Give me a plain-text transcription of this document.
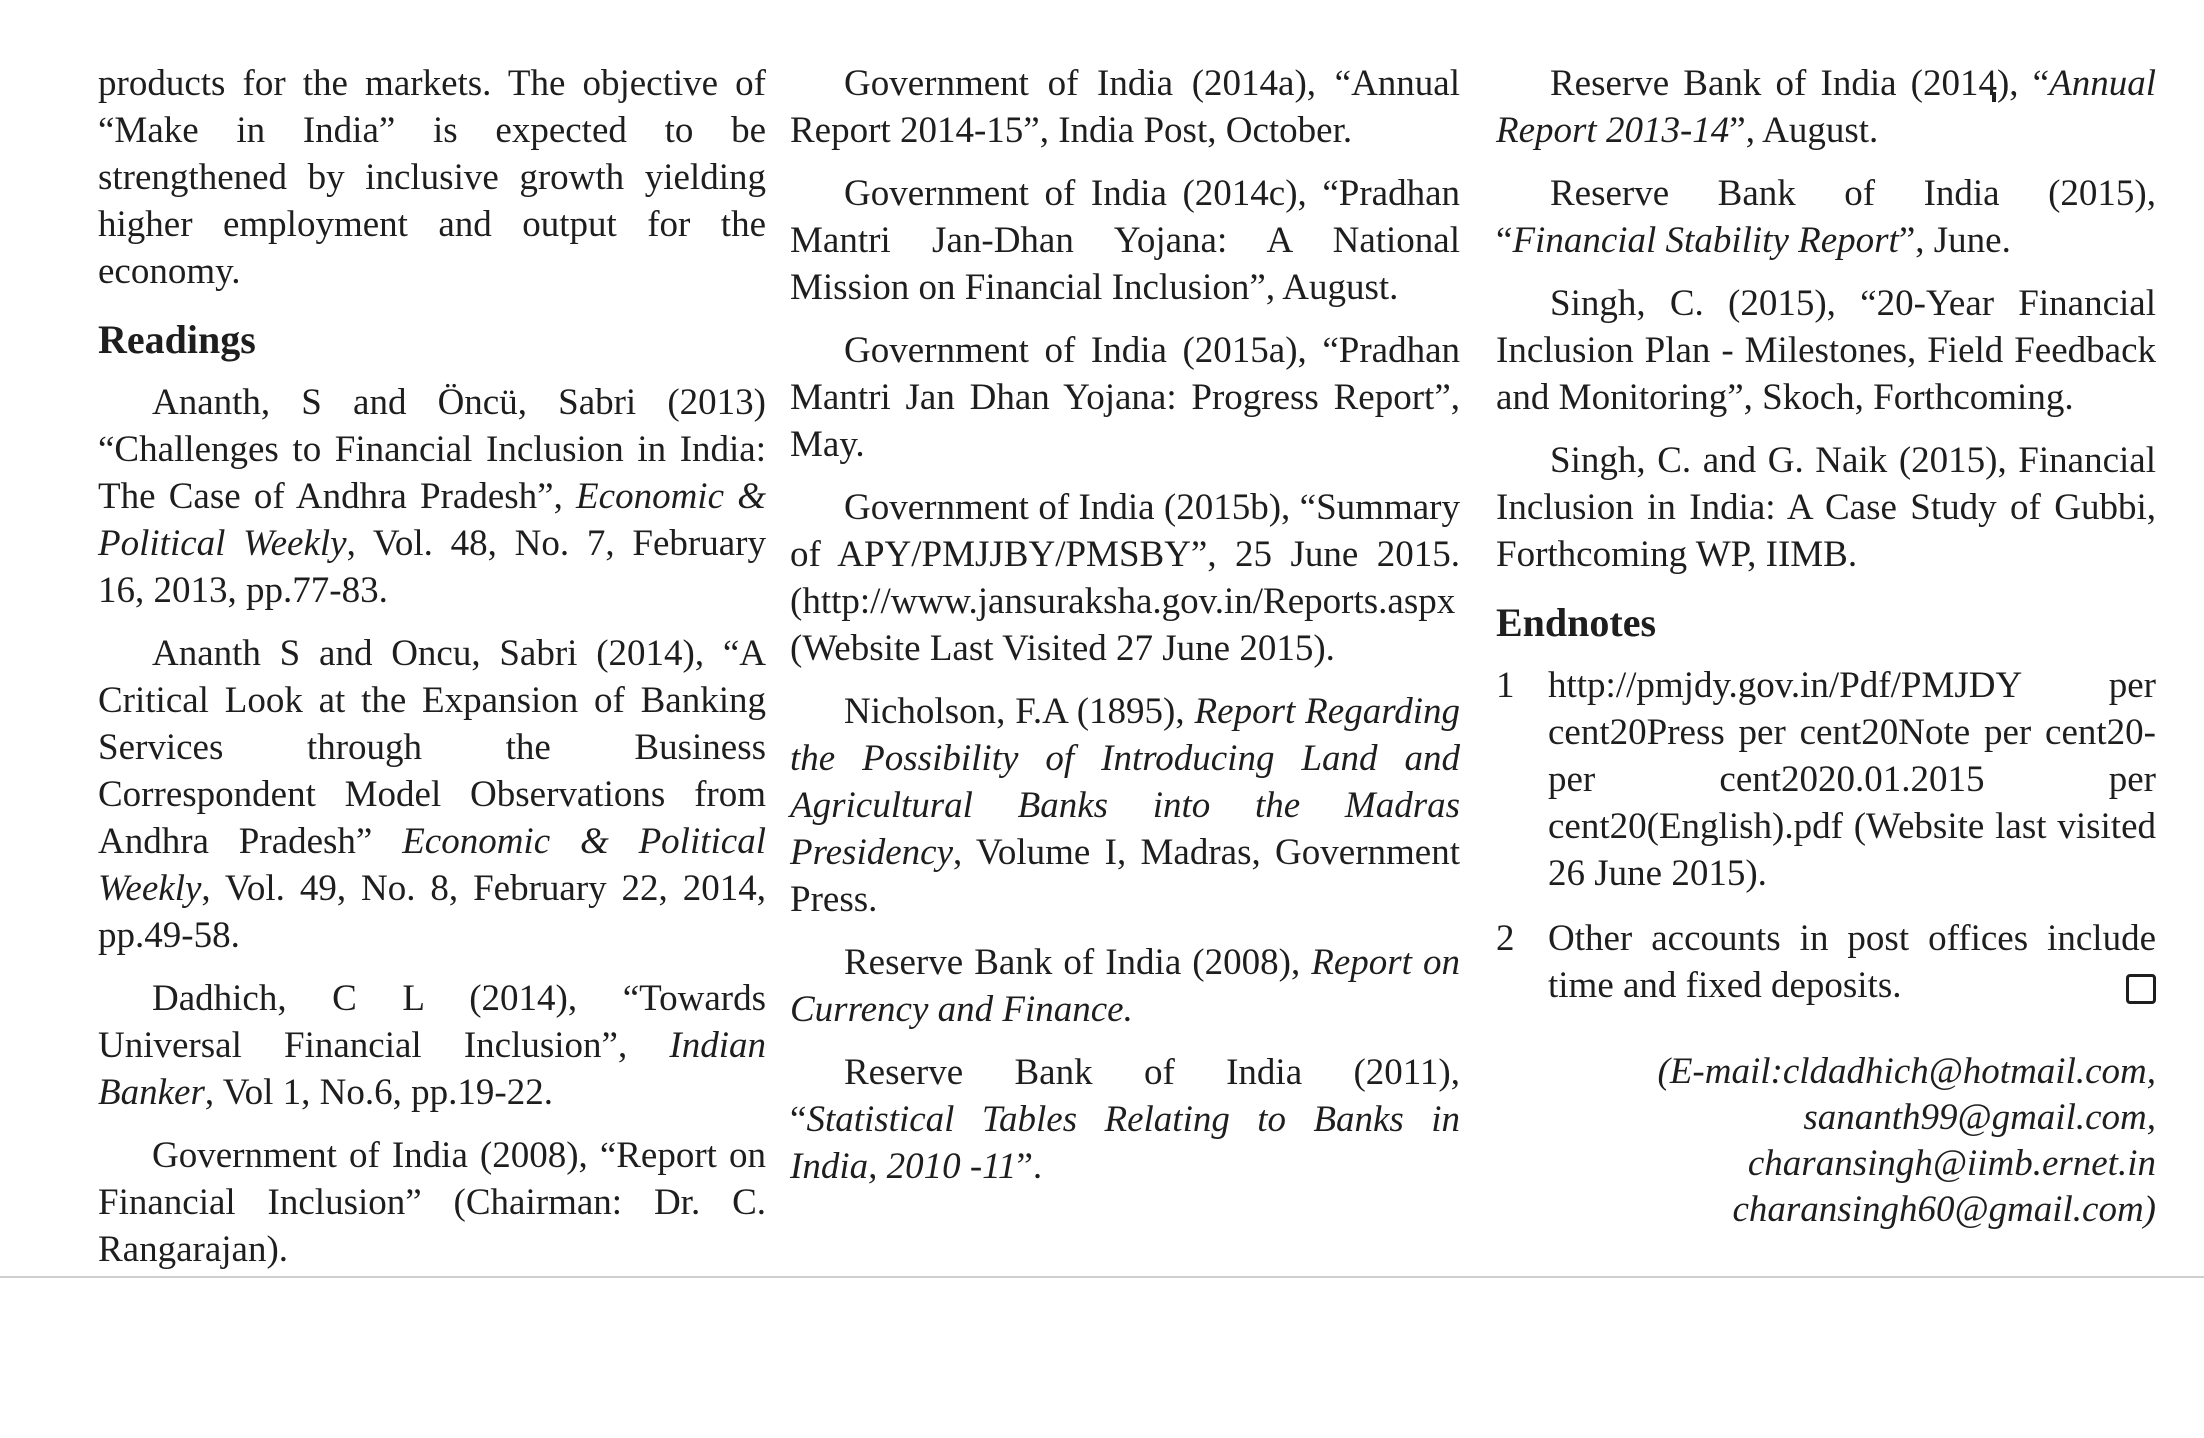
products for the markets. The objective of “Make in India” is expected to be strengthened by inclusive growth yielding higher employment and output for the economy.

Readings

Ananth, S and Öncü, Sabri (2013) “Challenges to Financial Inclusion in India: The Case of Andhra Pradesh”, Economic & Political Weekly, Vol. 48, No. 7, February 16, 2013, pp.77-83.

Ananth S and Oncu, Sabri (2014), “A Critical Look at the Expansion of Banking Services through the Business Correspondent Model Observations from Andhra Pradesh” Economic & Political Weekly, Vol. 49, No. 8, February 22, 2014, pp.49-58.

Dadhich, C L (2014), “Towards Universal Financial Inclusion”, Indian Banker, Vol 1, No.6, pp.19-22.

Government of India (2008), “Report on Financial Inclusion” (Chairman: Dr. C. Rangarajan).

Government of India (2014a), “Annual Report 2014-15”, India Post, October.

Government of India (2014c), “Pradhan Mantri Jan-Dhan Yojana: A National Mission on Financial Inclusion”, August.

Government of India (2015a), “Pradhan Mantri Jan Dhan Yojana: Progress Report”, May.

Government of India (2015b), “Summary of APY/PMJJBY/PMSBY”, 25 June 2015. (http://www.jansuraksha.gov.in/Reports.aspx (Website Last Visited 27 June 2015).

Nicholson, F.A (1895), Report Regarding the Possibility of Introducing Land and Agricultural Banks into the Madras Presidency, Volume I, Madras, Government Press.

Reserve Bank of India (2008), Report on Currency and Finance.

Reserve Bank of India (2011), “Statistical Tables Relating to Banks in India, 2010 -11”.

Reserve Bank of India (2014), “Annual Report 2013-14”, August.

Reserve Bank of India (2015), “Financial Stability Report”, June.

Singh, C. (2015), “20-Year Financial Inclusion Plan - Milestones, Field Feedback and Monitoring”, Skoch, Forthcoming.

Singh, C. and G. Naik (2015), Financial Inclusion in India: A Case Study of Gubbi, Forthcoming WP, IIMB.

Endnotes
1 http://pmjdy.gov.in/Pdf/PMJDY per cent20Press per cent20Note per cent20- per cent2020.01.2015 per cent20(English).pdf (Website last visited 26 June 2015).
2 Other accounts in post offices include time and fixed deposits.
(E-mail:cldadhich@hotmail.com,
sananth99@gmail.com,
charansingh@iimb.ernet.in
charansingh60@gmail.com)
